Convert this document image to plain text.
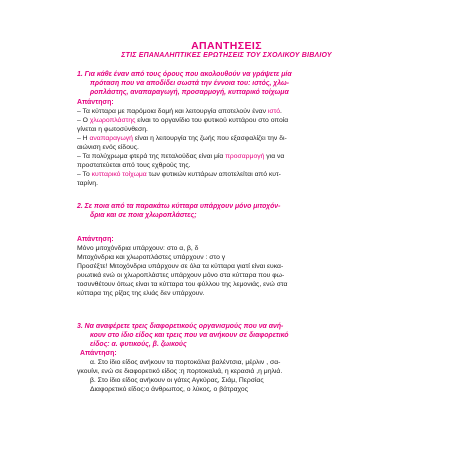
ΑΠΑΝΤΗΣΕΙΣ
ΣΤΙΣ ΕΠΑΝΑΛΗΠΤΙΚΕΣ ΕΡΩΤΗΣΕΙΣ ΤΟΥ ΣΧΟΛΙΚΟΥ ΒΙΒΛΙΟΥ
1. Για κάθε έναν από τους όρους που ακολουθούν να γράψετε μία
πρόταση που να αποδίδει σωστά την έννοια του: ιστός, χλω-
ροπλάστης, αναπαραγωγή, προσαρμογή, κυτταρικό τοίχωμα
Απάντηση:
– Τα κύτταρα με παρόμοια δομή και λειτουργία αποτελούν έναν ιστό.
– Ο χλωροπλάστης είναι το οργανίδιο του φυτικού κυττάρου στο οποία
γίνεται η φωτοσύνθεση.
– Η αναπαραγωγή είναι η λειτουργία της ζωής που εξασφαλίζει την δι-
αιώνιση ενός είδους.
– Τα πολύχρωμα φτερά της πεταλούδας είναι μία προσαρμογή για να
προστατεύεται από τους εχθρούς της.
– Το κυτταρικό τοίχωμα των φυτικών κυττάρων αποτελείται από κυτ-
ταρίνη.
2. Σε ποια από τα παρακάτω κύτταρα υπάρχουν μόνο μιτοχόν-
δρια και σε ποια χλωροπλάστες;
Απάντηση:
Μόνο μιτοχόνδρια υπάρχουν: στο α, β, δ
Μιτοχόνδρια και χλωροπλάστες υπάρχουν : στο γ
Προσέξτε! Μιτοχόνδρια υπάρχουν σε όλα τα κύτταρα γιατί είναι ευκα-
ρυωτικά ενώ οι χλωροπλάστες υπάρχουν μόνο στα κύτταρα που φω-
τοσυνθέτουν όπως είναι τα κύτταρα του φύλλου της λεμονιάς, ενώ στα
κύτταρα της ρίζας της ελιάς δεν υπάρχουν.
3. Να αναφέρετε τρεις διαφορετικούς οργανισμούς που να ανή-
κουν στο ίδιο είδος και τρεις που να ανήκουν σε διαφορετικό
είδος: α. φυτικούς, β. ζωικούς
Απάντηση:
α. Στο ίδιο είδος ανήκουν τα πορτοκάλια βαλέντσια, μέρλιν , σα-
γκουίνι, ενώ σε διαφορετικό είδος :η πορτοκαλιά, η κερασιά ,η μηλιά.
β. Στο ίδιο είδος ανήκουν οι γάτες Αγκύρας, Σιάμ, Περσίας
Διαφορετικό είδος:ο άνθρωπος, ο λύκος, ο βάτραχος
